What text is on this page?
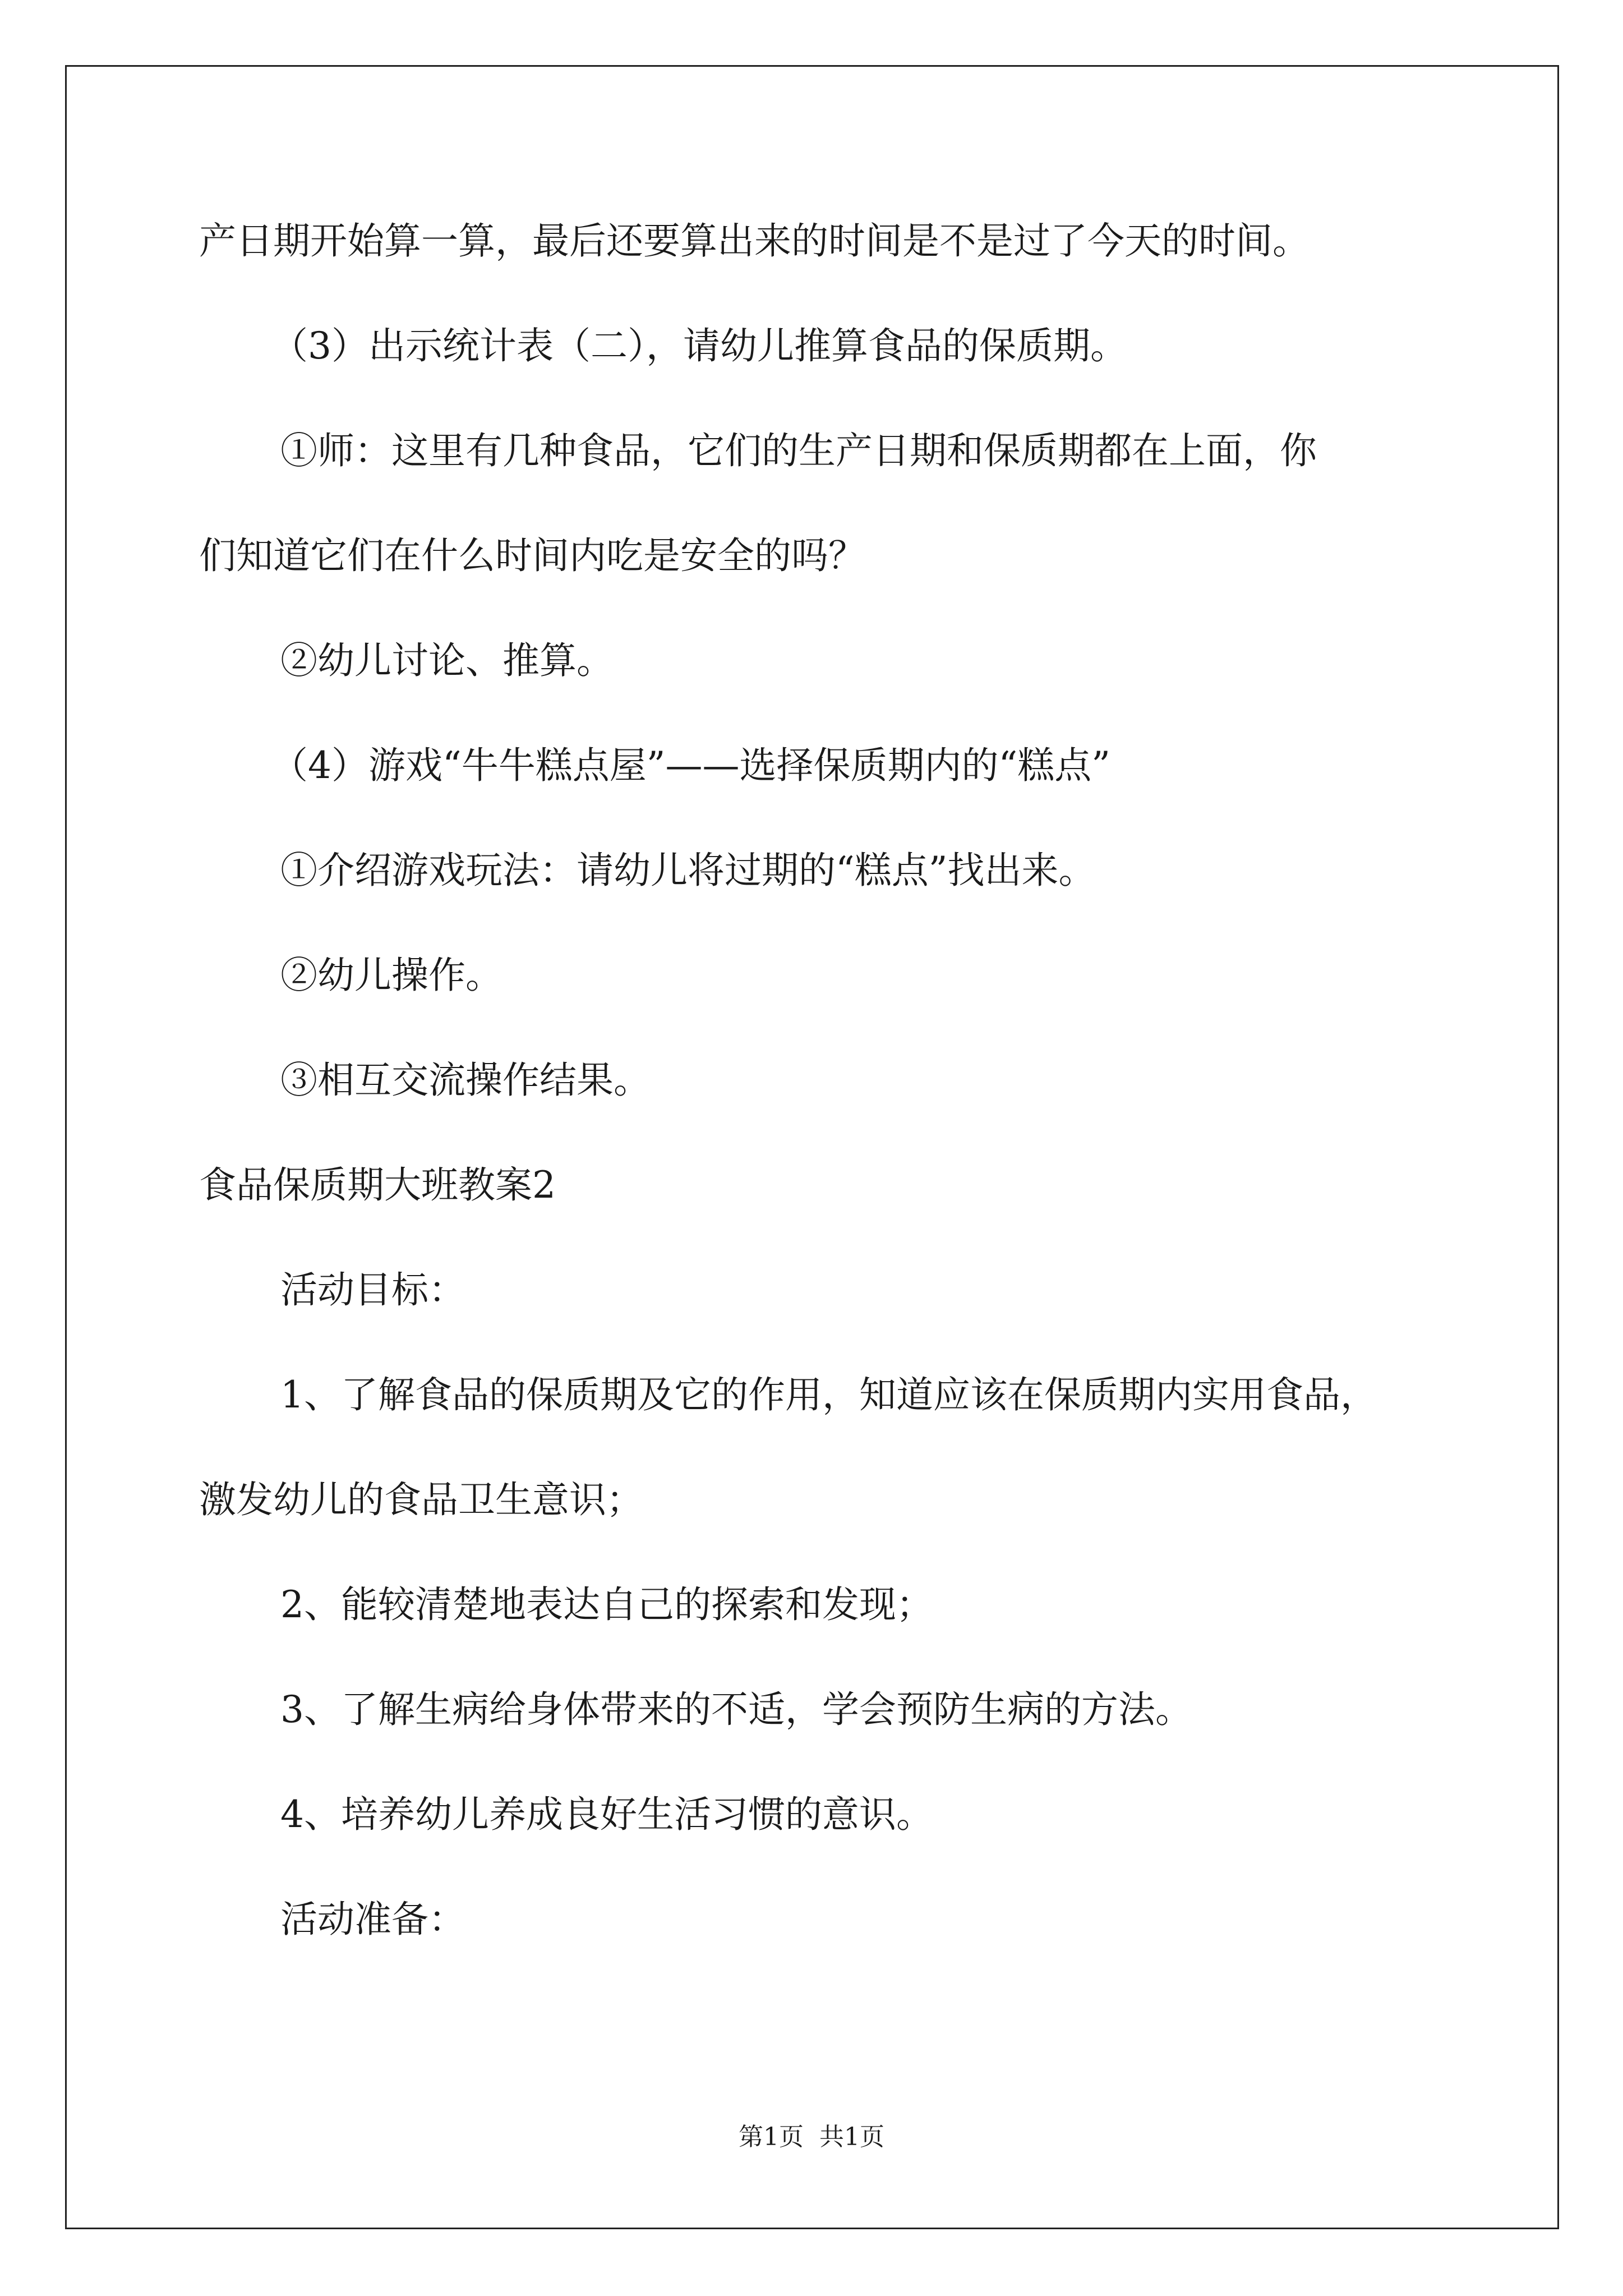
产日期开始算一算，最后还要算出来的时间是不是过了今天的时间。
（3）出示统计表（二），请幼儿推算食品的保质期。
①师：这里有几种食品，它们的生产日期和保质期都在上面，你
们知道它们在什么时间内吃是安全的吗？
②幼儿讨论、推算。
（4）游戏“牛牛糕点屋”——选择保质期内的“糕点”
①介绍游戏玩法：请幼儿将过期的“糕点”找出来。
②幼儿操作。
③相互交流操作结果。
食品保质期大班教案2
活动目标：
1、了解食品的保质期及它的作用，知道应该在保质期内实用食品，
激发幼儿的食品卫生意识；
2、能较清楚地表达自己的探索和发现；
3、了解生病给身体带来的不适，学会预防生病的方法。
4、培养幼儿养成良好生活习惯的意识。
活动准备：
第1页  共1页
